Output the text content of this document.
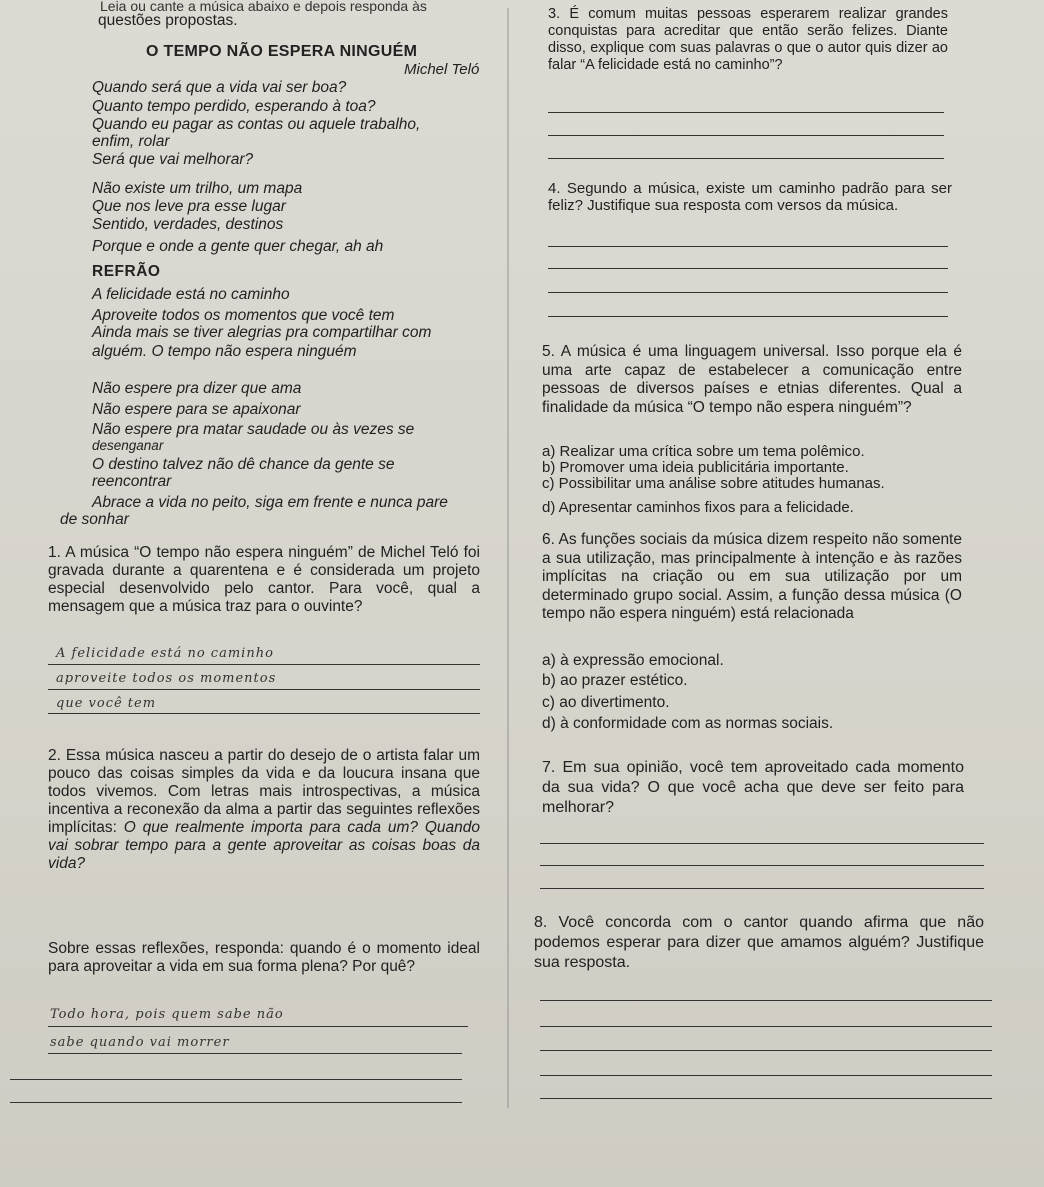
Leia ou cante a música abaixo e depois responda às
questões propostas.
O TEMPO NÃO ESPERA NINGUÉM
Michel Teló
Quando será que a vida vai ser boa?
Quanto tempo perdido, esperando à toa?
Quando eu pagar as contas ou aquele trabalho,
enfim, rolar
Será que vai melhorar?
Não existe um trilho, um mapa
Que nos leve pra esse lugar
Sentido, verdades, destinos
Porque e onde a gente quer chegar, ah ah
REFRÃO
A felicidade está no caminho
Aproveite todos os momentos que você tem
Ainda mais se tiver alegrias pra compartilhar com
alguém. O tempo não espera ninguém
Não espere pra dizer que ama
Não espere para se apaixonar
Não espere pra matar saudade ou às vezes se
desenganar
O destino talvez não dê chance da gente se
reencontrar
Abrace a vida no peito, siga em frente e nunca pare
de sonhar
1. A música “O tempo não espera ninguém” de Michel Teló foi gravada durante a quarentena e é considerada um projeto especial desenvolvido pelo cantor. Para você, qual a mensagem que a música traz para o ouvinte?
A felicidade está no caminho
aproveite todos os momentos
que você tem
2. Essa música nasceu a partir do desejo de o artista falar um pouco das coisas simples da vida e da loucura insana que todos vivemos. Com letras mais introspectivas, a música incentiva a reconexão da alma a partir das seguintes reflexões implícitas: O que realmente importa para cada um? Quando vai sobrar tempo para a gente aproveitar as coisas boas da vida?
Sobre essas reflexões, responda: quando é o momento ideal para aproveitar a vida em sua forma plena? Por quê?
Todo hora, pois quem sabe não
sabe quando vai morrer
3. É comum muitas pessoas esperarem realizar grandes conquistas para acreditar que então serão felizes. Diante disso, explique com suas palavras o que o autor quis dizer ao falar “A felicidade está no caminho”?
4. Segundo a música, existe um caminho padrão para ser feliz? Justifique sua resposta com versos da música.
5. A música é uma linguagem universal. Isso porque ela é uma arte capaz de estabelecer a comunicação entre pessoas de diversos países e etnias diferentes. Qual a finalidade da música “O tempo não espera ninguém”?
a) Realizar uma crítica sobre um tema polêmico.
b) Promover uma ideia publicitária importante.
c) Possibilitar uma análise sobre atitudes humanas.
d) Apresentar caminhos fixos para a felicidade.
6. As funções sociais da música dizem respeito não somente a sua utilização, mas principalmente à intenção e às razões implícitas na criação ou em sua utilização por um determinado grupo social. Assim, a função dessa música (O tempo não espera ninguém) está relacionada
a) à expressão emocional.
b) ao prazer estético.
c) ao divertimento.
d) à conformidade com as normas sociais.
7. Em sua opinião, você tem aproveitado cada momento da sua vida? O que você acha que deve ser feito para melhorar?
8. Você concorda com o cantor quando afirma que não podemos esperar para dizer que amamos alguém? Justifique sua resposta.
